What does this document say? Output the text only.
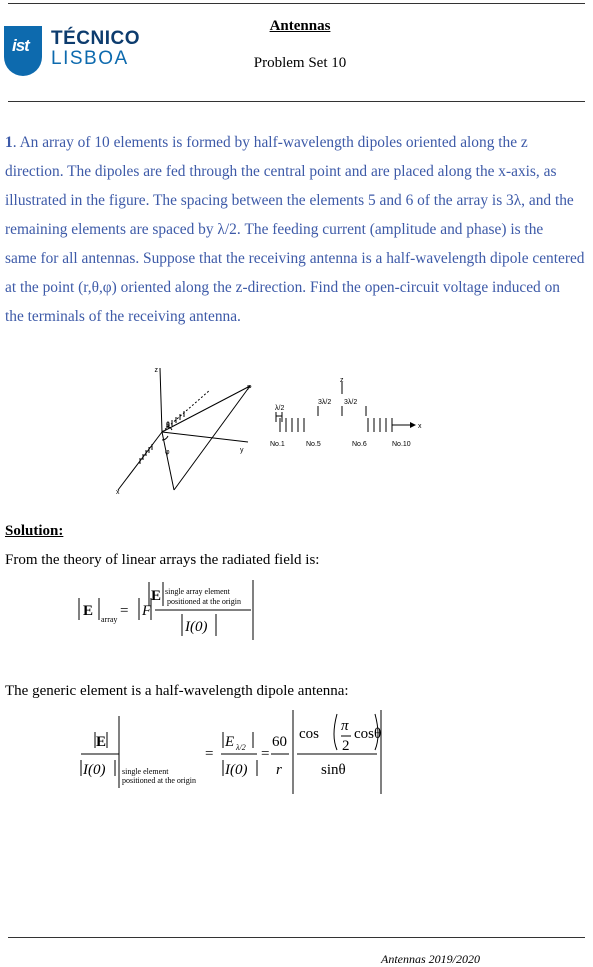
ist TÉCNICO
LISBOA
Antennas
Problem Set 10

1. An array of 10 elements is formed by half-wavelength dipoles oriented along the z

direction. The dipoles are fed through the central point and are placed along the x-axis, as

illustrated in the figure. The spacing between the elements 5 and 6 of the array is 3λ, and the

remaining elements are spaced by λ/2. The feeding current (amplitude and phase) is the

same for all antennas. Suppose that the receiving antenna is a half-wavelength dipole centered

at the point (r,θ,φ) oriented along the z-direction. Find the open-circuit voltage induced on

the terminals of the receiving antenna.

z
P
θ
φ
x
y
z
x
λ/2
3λ/2 3λ/2
No.1	No.5	No.6	No.10
Solution:
From the theory of linear arrays the radiated field is:
E
array
= F
E single array element
positioned at the origin
I(0)
The generic element is a half-wavelength dipole antenna:
E
I(0) single element
positioned at the origin
=
E λ/2
I(0)
=
60
r
cos π
2
cosθ
sinθ
Antennas 2019/2020
